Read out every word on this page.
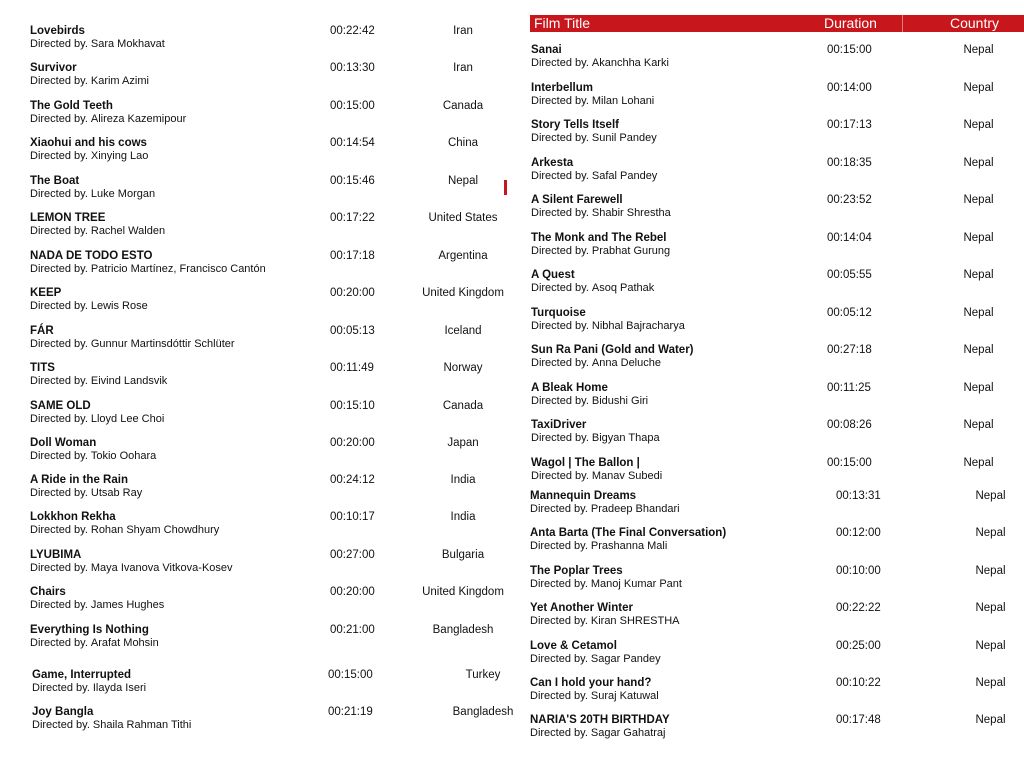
Lovebirds
Directed by. Sara Mokhavat
00:22:42	Iran
Survivor
Directed by. Karim Azimi
00:13:30	Iran
The Gold Teeth
Directed by. Alireza Kazemipour
00:15:00	Canada
Xiaohui and his cows
Directed by. Xinying Lao
00:14:54	China
The Boat
Directed by. Luke Morgan
00:15:46	Nepal
LEMON TREE
Directed by. Rachel Walden
00:17:22	United States
NADA DE TODO ESTO
Directed by. Patricio Martínez, Francisco Cantón
00:17:18	Argentina
KEEP
Directed by. Lewis Rose
00:20:00	United Kingdom
FÁR
Directed by. Gunnur Martinsdóttir Schlüter
00:05:13	Iceland
TITS
Directed by. Eivind Landsvik
00:11:49	Norway
SAME OLD
Directed by. Lloyd Lee Choi
00:15:10	Canada
Doll Woman
Directed by. Tokio Oohara
00:20:00	Japan
A Ride in the Rain
Directed by. Utsab Ray
00:24:12	India
Lokkhon Rekha
Directed by. Rohan Shyam Chowdhury
00:10:17	India
LYUBIMA
Directed by. Maya Ivanova Vitkova-Kosev
00:27:00	Bulgaria
Chairs
Directed by. James Hughes
00:20:00	United Kingdom
Everything Is Nothing
Directed by. Arafat Mohsin
00:21:00	Bangladesh
Game, Interrupted
Directed by. Ilayda Iseri
00:15:00	Turkey
Joy Bangla
Directed by. Shaila Rahman Tithi
00:21:19	Bangladesh
Film Title	Duration	Country
Sanai
Directed by. Akanchha Karki
00:15:00	Nepal
Interbellum
Directed by. Milan Lohani
00:14:00	Nepal
Story Tells Itself
Directed by. Sunil Pandey
00:17:13	Nepal
Arkesta
Directed by. Safal Pandey
00:18:35	Nepal
A Silent Farewell
Directed by. Shabir Shrestha
00:23:52	Nepal
The Monk and The Rebel
Directed by. Prabhat Gurung
00:14:04	Nepal
A Quest
Directed by. Asoq Pathak
00:05:55	Nepal
Turquoise
Directed by. Nibhal Bajracharya
00:05:12	Nepal
Sun Ra Pani (Gold and Water)
Directed by. Anna Deluche
00:27:18	Nepal
A Bleak Home
Directed by. Bidushi Giri
00:11:25	Nepal
TaxiDriver
Directed by. Bigyan Thapa
00:08:26	Nepal
Wagol | The Ballon |
Directed by. Manav Subedi
00:15:00	Nepal
Mannequin Dreams
Directed by. Pradeep Bhandari
00:13:31	Nepal
Anta Barta (The Final Conversation)
Directed by. Prashanna Mali
00:12:00	Nepal
The Poplar Trees
Directed by. Manoj Kumar Pant
00:10:00	Nepal
Yet Another Winter
Directed by. Kiran SHRESTHA
00:22:22	Nepal
Love & Cetamol
Directed by. Sagar Pandey
00:25:00	Nepal
Can I hold your hand?
Directed by. Suraj Katuwal
00:10:22	Nepal
NARIA'S 20TH BIRTHDAY
Directed by. Sagar Gahatraj
00:17:48	Nepal
